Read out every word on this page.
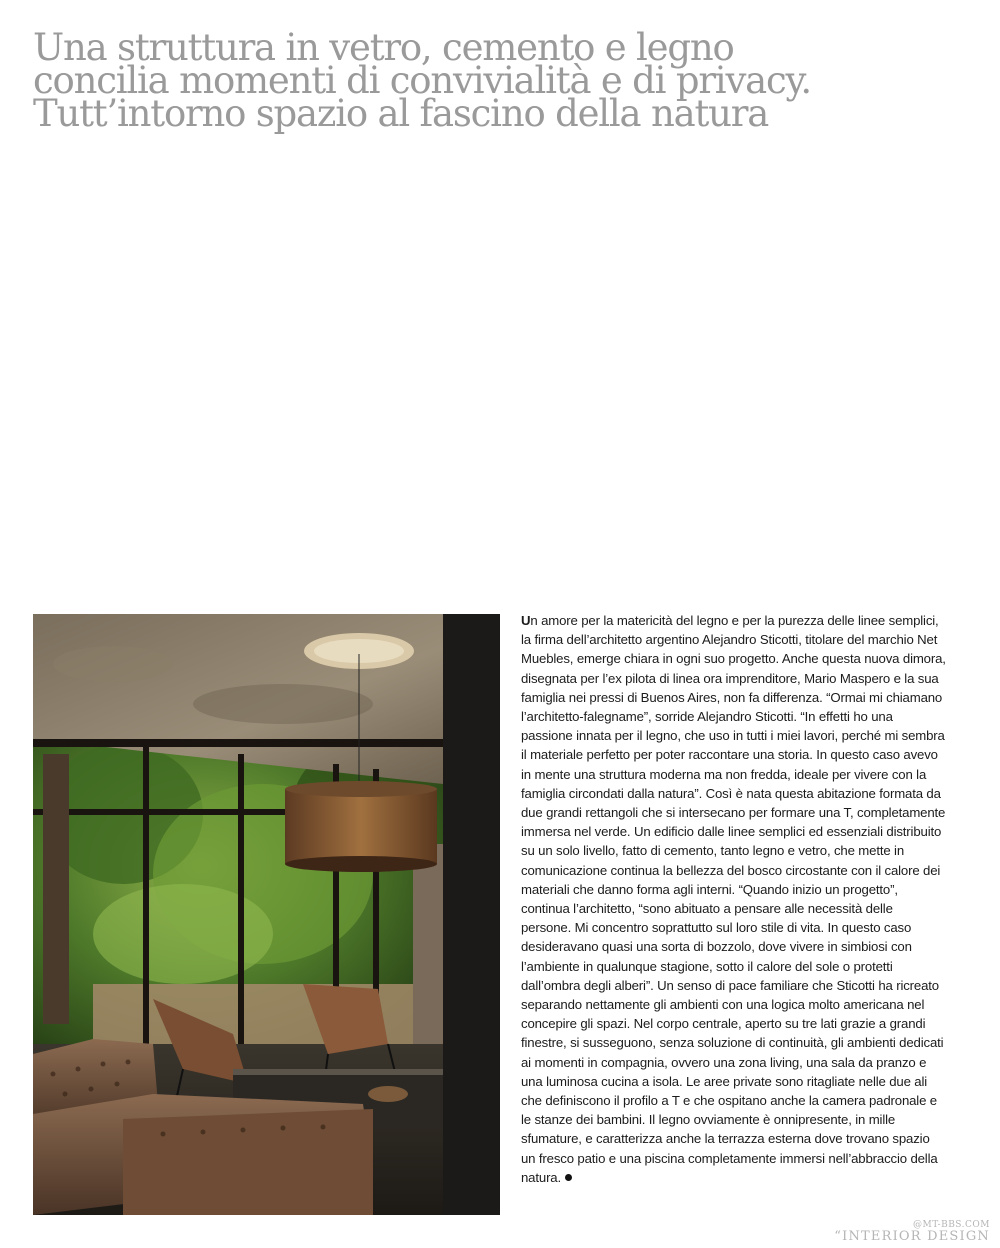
Una struttura in vetro, cemento e legno
concilia momenti di convivialità e di privacy.
Tutt’intorno spazio al fascino della natura

Un amore per la matericità del legno e per la purezza delle linee semplici, la firma dell’architetto argentino Alejandro Sticotti, titolare del marchio Net Muebles, emerge chiara in ogni suo progetto. Anche questa nuova dimora, disegnata per l’ex pilota di linea ora imprenditore, Mario Maspero e la sua famiglia nei pressi di Buenos Aires, non fa differenza. “Ormai mi chiamano l’architetto-falegname”, sorride Alejandro Sticotti. “In effetti ho una passione innata per il legno, che uso in tutti i miei lavori, perché mi sembra il materiale perfetto per poter raccontare una storia. In questo caso avevo in mente una struttura moderna ma non fredda, ideale per vivere con la famiglia circondati dalla natura”. Così è nata questa abitazione formata da due grandi rettangoli che si intersecano per formare una T, completamente immersa nel verde. Un edificio dalle linee semplici ed essenziali distribuito su un solo livello, fatto di cemento, tanto legno e vetro, che mette in comunicazione continua la bellezza del bosco circostante con il calore dei materiali che danno forma agli interni. “Quando inizio un progetto”, continua l’architetto, “sono abituato a pensare alle necessità delle persone. Mi concentro soprattutto sul loro stile di vita. In questo caso desideravano quasi una sorta di bozzolo, dove vivere in simbiosi con l’ambiente in qualunque stagione, sotto il calore del sole o protetti dall’ombra degli alberi”. Un senso di pace familiare che Sticotti ha ricreato separando nettamente gli ambienti con una logica molto americana nel concepire gli spazi. Nel corpo centrale, aperto su tre lati grazie a grandi finestre, si susseguono, senza soluzione di continuità, gli ambienti dedicati ai momenti in compagnia, ovvero una zona living, una sala da pranzo e una luminosa cucina a isola. Le aree private sono ritagliate nelle due ali che definiscono il profilo a T e che ospitano anche la camera padronale e le stanze dei bambini. Il legno ovviamente è onnipresente, in mille sfumature, e caratterizza anche la terrazza esterna dove trovano spazio un fresco patio e una piscina completamente immersi nell’abbraccio della natura.

@MT-BBS.COM
“INTERIOR DESIGN
